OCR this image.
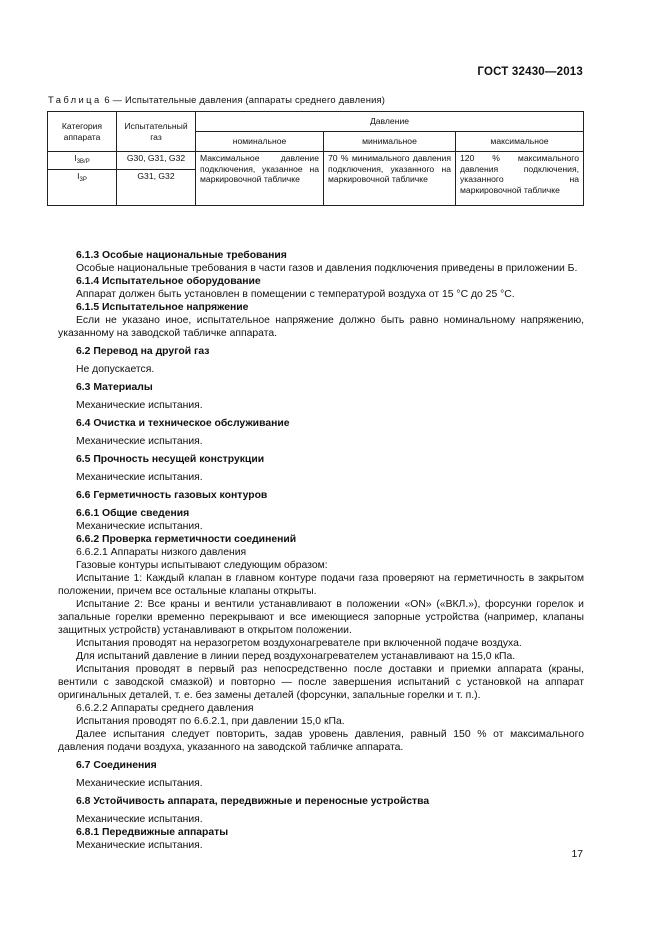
ГОСТ 32430—2013
Таблица 6 — Испытательные давления (аппараты среднего давления)
Категория аппарата	Испытательный газ	Давление		
		номинальное	минимальное	максимальное
$I_{3B/P}$	G30, G31, G32	Максимальное давление подключения, указанное на маркировочной табличке	70 % минимального давления подключения, указанного на маркировочной табличке	120 % максимального давления подключения, указанного на маркировочной табличке
$I_{3P}$	G31, G32			

6.1.3 Особые национальные требования

Особые национальные требования в части газов и давления подключения приведены в приложении Б.

6.1.4 Испытательное оборудование

Аппарат должен быть установлен в помещении с температурой воздуха от 15 °С до 25 °С.

6.1.5 Испытательное напряжение

Если не указано иное, испытательное напряжение должно быть равно номинальному напряжению, указанному на заводской табличке аппарата.

6.2 Перевод на другой газ

Не допускается.

6.3 Материалы

Механические испытания.

6.4 Очистка и техническое обслуживание

Механические испытания.

6.5 Прочность несущей конструкции

Механические испытания.

6.6 Герметичность газовых контуров

6.6.1 Общие сведения

Механические испытания.

6.6.2 Проверка герметичности соединений

6.6.2.1 Аппараты низкого давления

Газовые контуры испытывают следующим образом:

Испытание 1: Каждый клапан в главном контуре подачи газа проверяют на герметичность в закрытом положении, причем все остальные клапаны открыты.

Испытание 2: Все краны и вентили устанавливают в положении «ON» («ВКЛ.»), форсунки горелок и запальные горелки временно перекрывают и все имеющиеся запорные устройства (например, клапаны защитных устройств) устанавливают в открытом положении.

Испытания проводят на неразогретом воздухонагревателе при включенной подаче воздуха.

Для испытаний давление в линии перед воздухонагревателем устанавливают на 15,0 кПа.

Испытания проводят в первый раз непосредственно после доставки и приемки аппарата (краны, вентили с заводской смазкой) и повторно — после завершения испытаний с установкой на аппарат оригинальных деталей, т. е. без замены деталей (форсунки, запальные горелки и т. п.).

6.6.2.2 Аппараты среднего давления

Испытания проводят по 6.6.2.1, при давлении 15,0 кПа.

Далее испытания следует повторить, задав уровень давления, равный 150 % от максимального давления подачи воздуха, указанного на заводской табличке аппарата.

6.7 Соединения

Механические испытания.

6.8 Устойчивость аппарата, передвижные и переносные устройства

Механические испытания.

6.8.1 Передвижные аппараты

Механические испытания.

17
